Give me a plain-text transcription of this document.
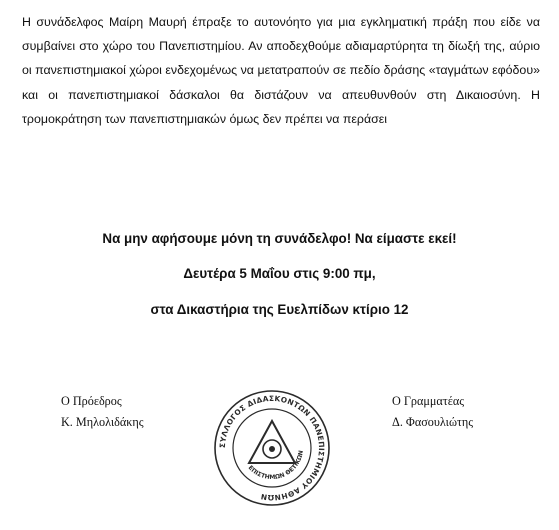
Η συνάδελφος Μαίρη Μαυρή έπραξε το αυτονόητο για μια εγκληματική πράξη που είδε να συμβαίνει στο χώρο του Πανεπιστημίου. Αν αποδεχθούμε αδιαμαρτύρητα τη δίωξή της, αύριο οι πανεπιστημιακοί χώροι ενδεχομένως να μετατραπούν σε πεδίο δράσης «ταγμάτων εφόδου» και οι πανεπιστημιακοί δάσκαλοι θα διστάζουν να απευθυνθούν στη Δικαιοσύνη. Η τρομοκράτηση των πανεπιστημιακών όμως δεν πρέπει να περάσει

Να μην αφήσουμε μόνη τη συνάδελφο! Να είμαστε εκεί!

Δευτέρα 5 Μαΐου στις 9:00 πμ,

στα Δικαστήρια της Ευελπίδων κτίριο 12

Ο Πρόεδρος

Κ. Μηλολιδάκης

Ο Γραμματέας

Δ. Φασουλιώτης

ΣΥΛΛΟΓΟΣ ΔΙΔΑΣΚΟΝΤΩΝ ΠΑΝΕΠΙΣΤΗΜΙΟΥ ΑΘΗΝΩΝ
ΕΠΙΣΤΗΜΩΝ ΘΕΤΙΚΩΝ
